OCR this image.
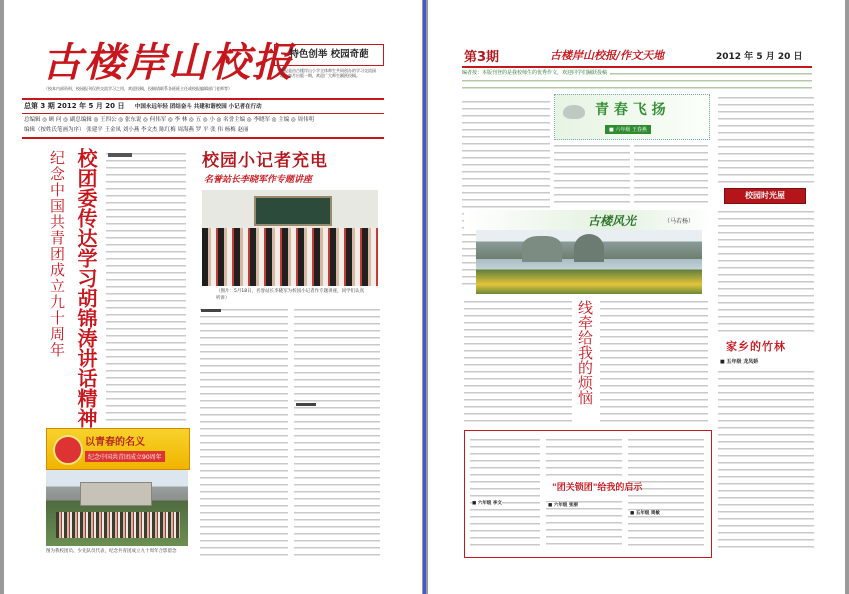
古楼岸山校报
（校本内部资料，校园报刊仅供交流学习之用，欢迎投稿，投稿请联系各班班主任或校报编辑部门老师等）
特色创举 校园奇葩
本报是由古楼岸山小学全体师生共同创办的学习交流园地，每月出版一期，欢迎广大师生踊跃投稿。
总第 3 期 2012 年 5 月 20 日 中国永远年轻 团结奋斗 共建和谐校园 小记者在行动
总编辑 ◎ 顾 问 ◎ 副总编辑 ◎ 王四公 ◎ 张东说 ◎ 何伟军 ◎ 李 林 ◎ 五 ◎ 小 ◎ 名誉主编 ◎ 李晓军 ◎ 主编 ◎ 周伟明
编辑（按姓氏笔画为序） 张建平 王金凤 刘小燕 李文杰 陈红梅 周海燕 罗 平 张 伟 杨梅 赵丽
纪念中国共青团成立九十周年 校团委传达学习胡锦涛讲话精神
以青春的名义
纪念中国共青团成立90周年
图为我校团员、少先队员代表，纪念共青团成立九十周年合影留念
校园小记者充电
名誉站长李晓军作专题讲座
（图片：5月18日，名誉站长李晓军为校园小记者作专题讲座，同学们认真听讲）
第3期	古楼岸山校报/作文天地	2012 年 5 月 20 日
编者按：本版刊登的是我校师生的优秀作文，欢迎同学们踊跃投稿
青 春 飞 扬
■ 六年级 王春燕
校园时光屋
古楼风光	（马若杨）
线牵给我的烦恼	家乡的竹林
■ 五年级 龙凤娇
"团关锁团"给我的启示
■ 六年级 李文	■ 六年级 张丽
■ 五年级 周敏
